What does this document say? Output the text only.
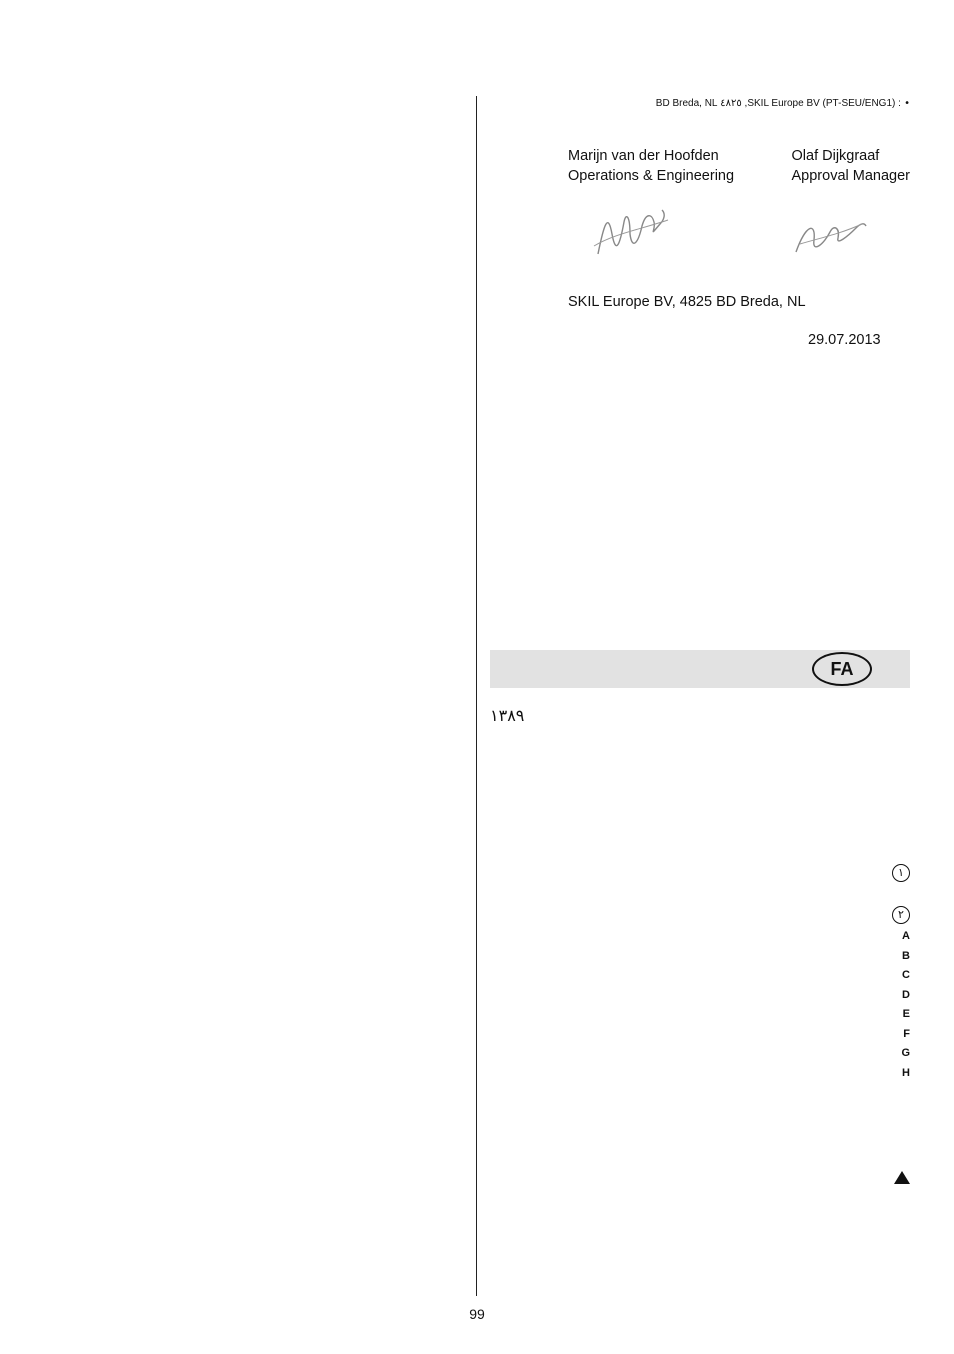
• : SKIL Europe BV (PT-SEU/ENG1), ٤٨٢٥ BD Breda, NL
Marijn van der Hoofden
Operations & Engineering
Olaf Dijkgraaf
Approval Manager
SKIL Europe BV, 4825 BD Breda, NL
29.07.2013
FA
١٣٨٩
١
٢
A
B
C
D
E
F
G
H
99
